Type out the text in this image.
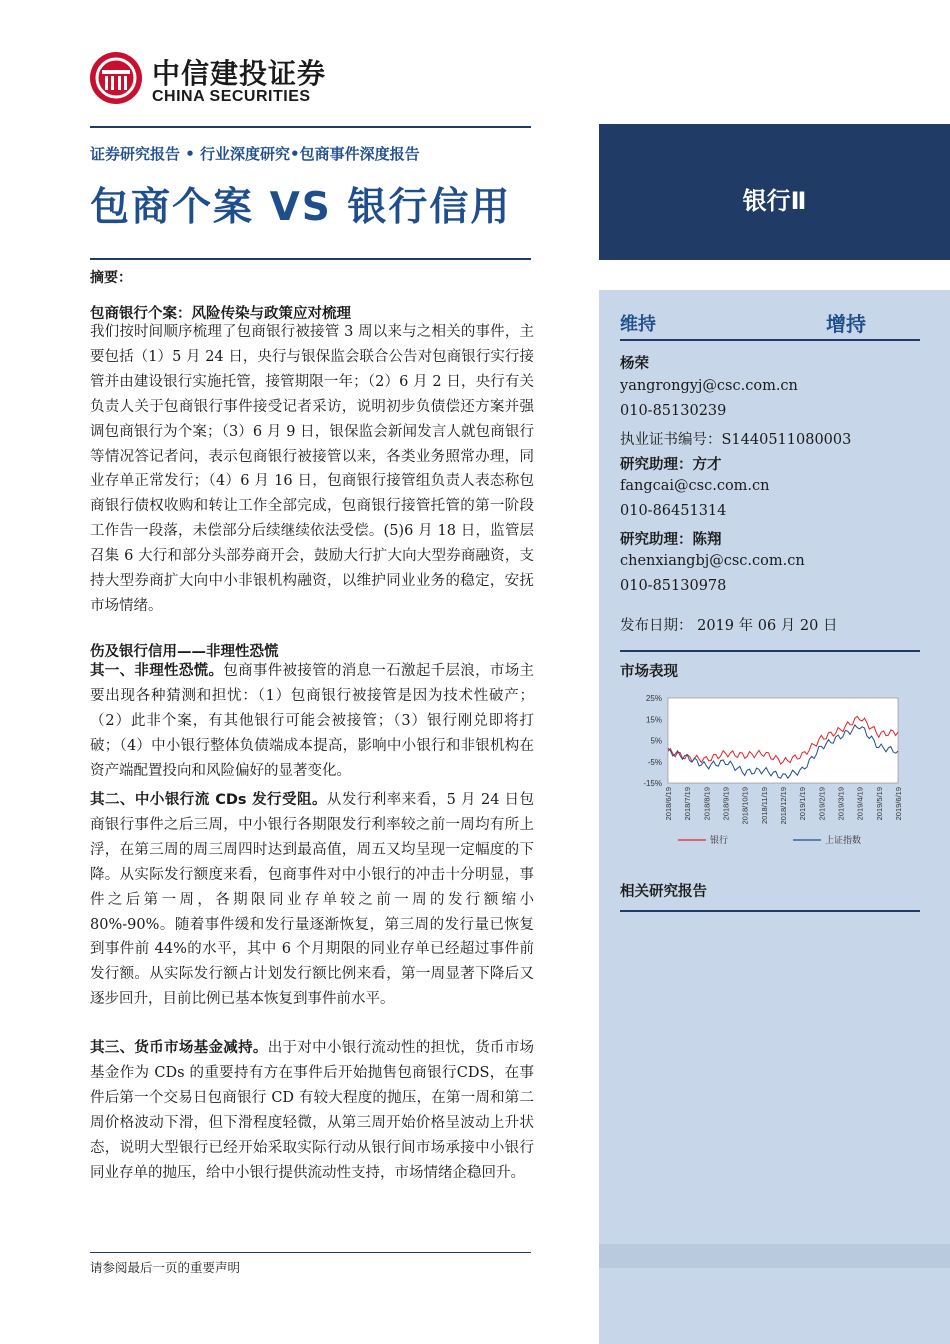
中信建投证券
CHINA SECURITIES
证券研究报告 • 行业深度研究•包商事件深度报告
包商个案 VS 银行信用	银行Ⅱ
摘要：
包商银行个案：风险传染与政策应对梳理
我们按时间顺序梳理了包商银行被接管 3 周以来与之相关的事件，主要包括（1）5 月 24 日，央行与银保监会联合公告对包商银行实行接管并由建设银行实施托管，接管期限一年；（2）6 月 2 日，央行有关负责人关于包商银行事件接受记者采访，说明初步负债偿还方案并强调包商银行为个案；（3）6 月 9 日，银保监会新闻发言人就包商银行等情况答记者问，表示包商银行被接管以来，各类业务照常办理，同业存单正常发行；（4）6 月 16 日，包商银行接管组负责人表态称包商银行债权收购和转让工作全部完成，包商银行接管托管的第一阶段工作告一段落，未偿部分后续继续依法受偿。(5)6 月 18 日，监管层召集 6 大行和部分头部券商开会，鼓励大行扩大向大型券商融资，支持大型券商扩大向中小非银机构融资，以维护同业业务的稳定，安抚市场情绪。
伤及银行信用——非理性恐慌
其一、非理性恐慌。包商事件被接管的消息一石激起千层浪，市场主要出现各种猜测和担忧：（1）包商银行被接管是因为技术性破产；（2）此非个案，有其他银行可能会被接管；（3）银行刚兑即将打破；（4）中小银行整体负债端成本提高，影响中小银行和非银机构在资产端配置投向和风险偏好的显著变化。
其二、中小银行流 CDs 发行受阻。从发行利率来看，5 月 24 日包商银行事件之后三周，中小银行各期限发行利率较之前一周均有所上浮，在第三周的周三周四时达到最高值，周五又均呈现一定幅度的下降。从实际发行额度来看，包商事件对中小银行的冲击十分明显，事件之后第一周，各期限同业存单较之前一周的发行额缩小 80%-90%。随着事件缓和发行量逐渐恢复，第三周的发行量已恢复到事件前 44%的水平，其中 6 个月期限的同业存单已经超过事件前发行额。从实际发行额占计划发行额比例来看，第一周显著下降后又逐步回升，目前比例已基本恢复到事件前水平。
其三、货币市场基金减持。出于对中小银行流动性的担忧，货币市场基金作为 CDs 的重要持有方在事件后开始抛售包商银行CDS，在事件后第一个交易日包商银行 CD 有较大程度的抛压，在第一周和第二周价格波动下滑，但下滑程度轻微，从第三周开始价格呈波动上升状态，说明大型银行已经开始采取实际行动从银行间市场承接中小银行同业存单的抛压，给中小银行提供流动性支持，市场情绪企稳回升。
维持	增持
杨荣
yangrongyj@csc.com.cn
010-85130239
执业证书编号：S1440511080003
研究助理：方才
fangcai@csc.com.cn
010-86451314
研究助理：陈翔
chenxiangbj@csc.com.cn
010-85130978
发布日期： 2019 年 06 月 20 日
市场表现
25%
15%
5%
-5%
-15%
2018/6/19 2018/7/19 2018/8/19 2018/9/19 2018/10/19 2018/11/19 2018/12/19 2019/1/19 2019/2/19 2019/3/19 2019/4/19 2019/5/19 2019/6/19
银行	上证指数
相关研究报告
请参阅最后一页的重要声明
